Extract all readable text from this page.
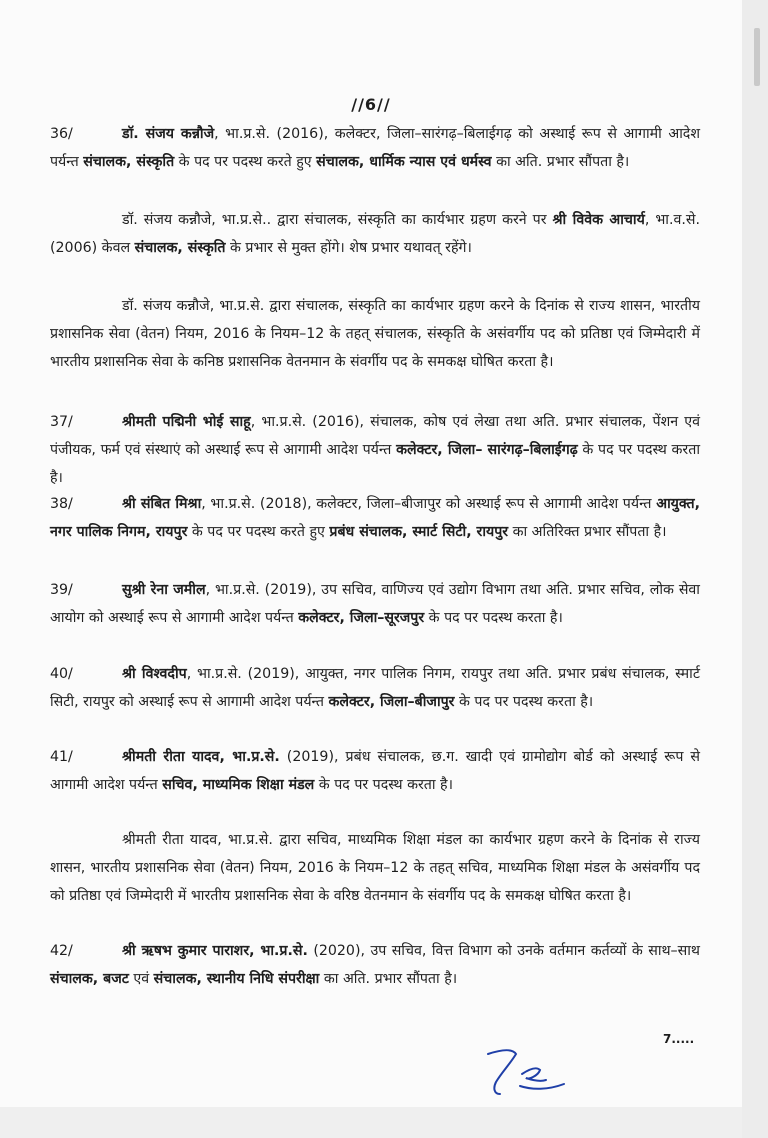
//6//

36/	डॉ. संजय कन्नौजे, भा.प्र.से. (2016), कलेक्टर, जिला–सारंगढ़–बिलाईगढ़ को अस्थाई रूप से आगामी आदेश पर्यन्त संचालक, संस्कृति के पद पर पदस्थ करते हुए संचालक, धार्मिक न्यास एवं धर्मस्व का अति. प्रभार सौंपता है।

डॉ. संजय कन्नौजे, भा.प्र.से.. द्वारा संचालक, संस्कृति का कार्यभार ग्रहण करने पर श्री विवेक आचार्य, भा.व.से. (2006) केवल संचालक, संस्कृति के प्रभार से मुक्त होंगे। शेष प्रभार यथावत् रहेंगे।

डॉ. संजय कन्नौजे, भा.प्र.से. द्वारा संचालक, संस्कृति का कार्यभार ग्रहण करने के दिनांक से राज्य शासन, भारतीय प्रशासनिक सेवा (वेतन) नियम, 2016 के नियम–12 के तहत् संचालक, संस्कृति के असंवर्गीय पद को प्रतिष्ठा एवं जिम्मेदारी में भारतीय प्रशासनिक सेवा के कनिष्ठ प्रशासनिक वेतनमान के संवर्गीय पद के समकक्ष घोषित करता है।

37/	श्रीमती पद्मिनी भोई साहू, भा.प्र.से. (2016), संचालक, कोष एवं लेखा तथा अति. प्रभार संचालक, पेंशन एवं पंजीयक, फर्म एवं संस्थाएं को अस्थाई रूप से आगामी आदेश पर्यन्त कलेक्टर, जिला– सारंगढ़–बिलाईगढ़ के पद पर पदस्थ करता है।

38/	श्री संबित मिश्रा, भा.प्र.से. (2018), कलेक्टर, जिला–बीजापुर को अस्थाई रूप से आगामी आदेश पर्यन्त आयुक्त, नगर पालिक निगम, रायपुर के पद पर पदस्थ करते हुए प्रबंध संचालक, स्मार्ट सिटी, रायपुर का अतिरिक्त प्रभार सौंपता है।

39/	सुश्री रेना जमील, भा.प्र.से. (2019), उप सचिव, वाणिज्य एवं उद्योग विभाग तथा अति. प्रभार सचिव, लोक सेवा आयोग को अस्थाई रूप से आगामी आदेश पर्यन्त कलेक्टर, जिला–सूरजपुर के पद पर पदस्थ करता है।

40/	श्री विश्वदीप, भा.प्र.से. (2019), आयुक्त, नगर पालिक निगम, रायपुर तथा अति. प्रभार प्रबंध संचालक, स्मार्ट सिटी, रायपुर को अस्थाई रूप से आगामी आदेश पर्यन्त कलेक्टर, जिला–बीजापुर के पद पर पदस्थ करता है।

41/	श्रीमती रीता यादव, भा.प्र.से. (2019), प्रबंध संचालक, छ.ग. खादी एवं ग्रामोद्योग बोर्ड को अस्थाई रूप से आगामी आदेश पर्यन्त सचिव, माध्यमिक शिक्षा मंडल के पद पर पदस्थ करता है।

श्रीमती रीता यादव, भा.प्र.से. द्वारा सचिव, माध्यमिक शिक्षा मंडल का कार्यभार ग्रहण करने के दिनांक से राज्य शासन, भारतीय प्रशासनिक सेवा (वेतन) नियम, 2016 के नियम–12 के तहत् सचिव, माध्यमिक शिक्षा मंडल के असंवर्गीय पद को प्रतिष्ठा एवं जिम्मेदारी में भारतीय प्रशासनिक सेवा के वरिष्ठ वेतनमान के संवर्गीय पद के समकक्ष घोषित करता है।

42/	श्री ऋषभ कुमार पाराशर, भा.प्र.से. (2020), उप सचिव, वित्त विभाग को उनके वर्तमान कर्तव्यों के साथ–साथ संचालक, बजट एवं संचालक, स्थानीय निधि संपरीक्षा का अति. प्रभार सौंपता है।

7.....
